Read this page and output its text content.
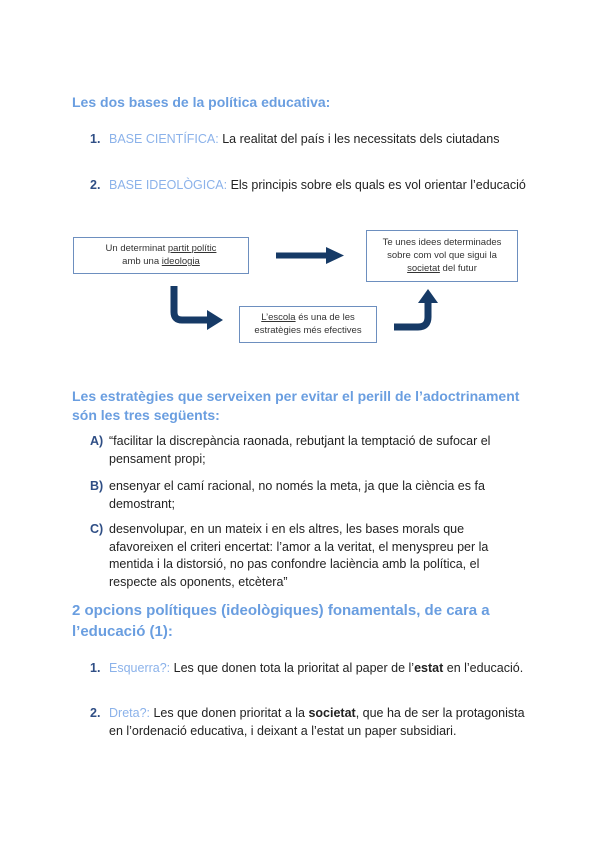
Les dos bases de la política educativa:
1. BASE CIENTÍFICA: La realitat del país i les necessitats dels ciutadans
2. BASE IDEOLÒGICA: Els principis sobre els quals es vol orientar l’educació
Un determinat partit polític
amb una ideologia
Te unes idees determinades sobre com vol que sigui la societat del futur
L’escola és una de les estratègies més efectives
Les estratègies que serveixen per evitar el perill de l’adoctrinament són les tres següents:
A) “facilitar la discrepància raonada, rebutjant la temptació de sufocar el pensament propi;
B) ensenyar el camí racional, no només la meta, ja que la ciència es fa demostrant;
C) desenvolupar, en un mateix i en els altres, les bases morals que afavoreixen el criteri encertat: l’amor a la veritat, el menyspreu per la mentida i la distorsió, no pas confondre laciència amb la política, el respecte als oponents, etcètera”
2 opcions polítiques (ideològiques) fonamentals, de cara a l’educació (1):
1. Esquerra?: Les que donen tota la prioritat al paper de l’estat en l’educació.
2. Dreta?: Les que donen prioritat a la societat, que ha de ser la protagonista en l’ordenació educativa, i deixant a l’estat un paper subsidiari.
